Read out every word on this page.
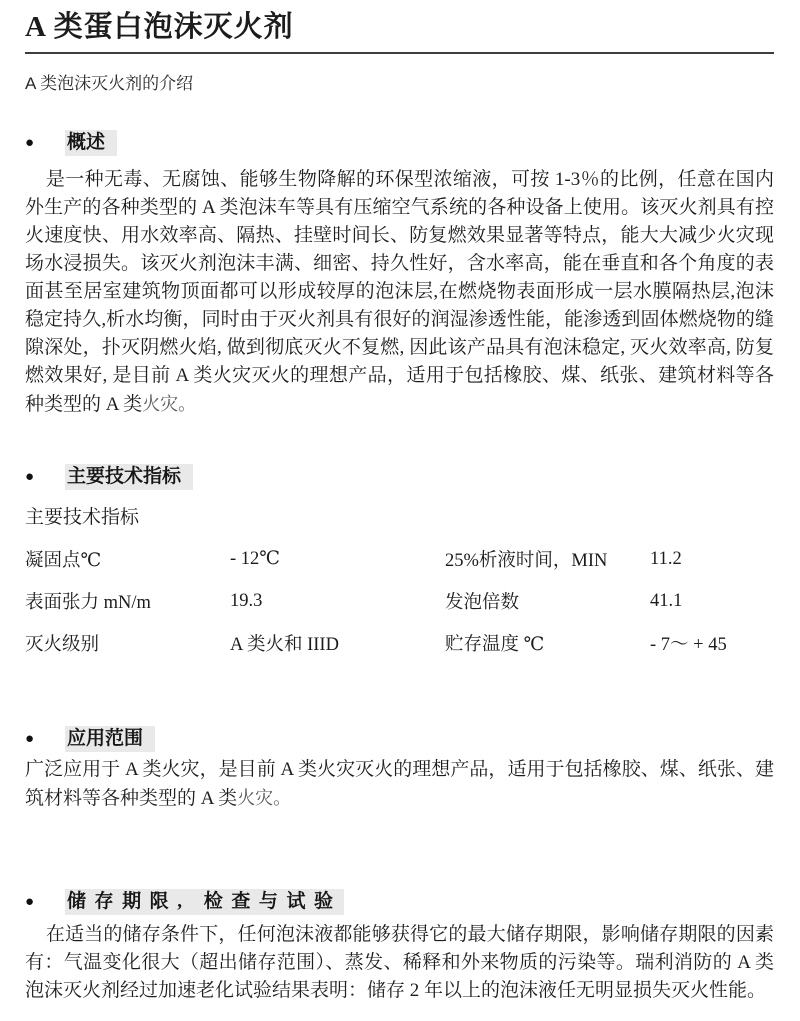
A 类蛋白泡沫灭火剂
A 类泡沫灭火剂的介绍
●	概述

是一种无毒、无腐蚀、能够生物降解的环保型浓缩液，可按 1-3％的比例，任意在国内外生产的各种类型的 A 类泡沫车等具有压缩空气系统的各种设备上使用。该灭火剂具有控火速度快、用水效率高、隔热、挂壁时间长、防复燃效果显著等特点，能大大减少火灾现场水浸损失。该灭火剂泡沫丰满、细密、持久性好，含水率高，能在垂直和各个角度的表面甚至居室建筑物顶面都可以形成较厚的泡沫层,在燃烧物表面形成一层水膜隔热层,泡沫稳定持久,析水均衡，同时由于灭火剂具有很好的润湿渗透性能，能渗透到固体燃烧物的缝隙深处，扑灭阴燃火焰, 做到彻底灭火不复燃, 因此该产品具有泡沫稳定, 灭火效率高, 防复燃效果好, 是目前 A 类火灾灭火的理想产品，适用于包括橡胶、煤、纸张、建筑材料等各种类型的 A 类火灾。

●	主要技术指标
主要技术指标
凝固点℃	- 12℃	25%析液时间，MIN	11.2
表面张力 mN/m	19.3	发泡倍数	41.1
灭火级别	A 类火和 IIID	贮存温度 ℃	- 7～ + 45
●	应用范围

广泛应用于 A 类火灾，是目前 A 类火灾灭火的理想产品，适用于包括橡胶、煤、纸张、建筑材料等各种类型的 A 类火灾。

●	储存期限, 检查与试验

在适当的储存条件下，任何泡沫液都能够获得它的最大储存期限，影响储存期限的因素有：气温变化很大（超出储存范围）、蒸发、稀释和外来物质的污染等。瑞利消防的 A 类泡沫灭火剂经过加速老化试验结果表明：储存 2 年以上的泡沫液任无明显损失灭火性能。
